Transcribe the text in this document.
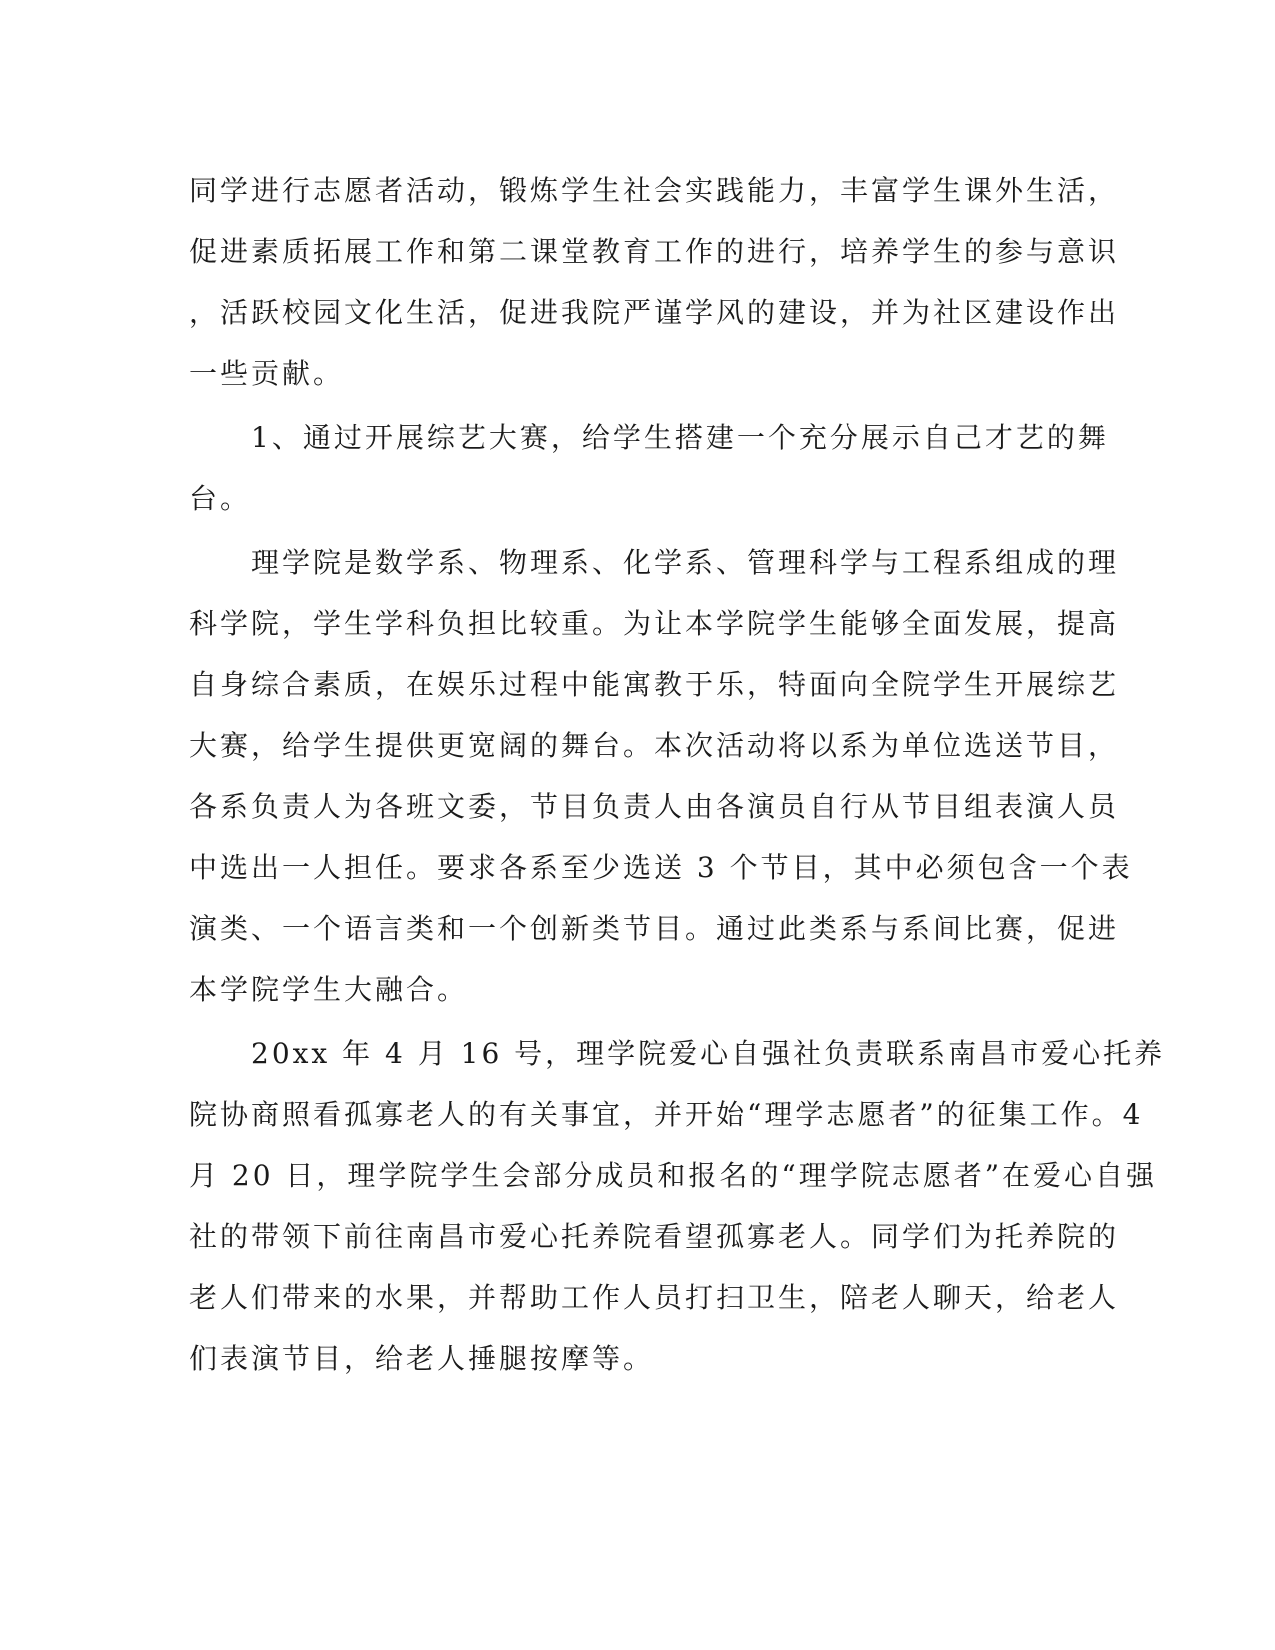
同学进行志愿者活动，锻炼学生社会实践能力，丰富学生课外生活，
促进素质拓展工作和第二课堂教育工作的进行，培养学生的参与意识
，活跃校园文化生活，促进我院严谨学风的建设，并为社区建设作出
一些贡献。
　　1、通过开展综艺大赛，给学生搭建一个充分展示自己才艺的舞
台。
　　理学院是数学系、物理系、化学系、管理科学与工程系组成的理
科学院，学生学科负担比较重。为让本学院学生能够全面发展，提高
自身综合素质，在娱乐过程中能寓教于乐，特面向全院学生开展综艺
大赛，给学生提供更宽阔的舞台。本次活动将以系为单位选送节目，
各系负责人为各班文委，节目负责人由各演员自行从节目组表演人员
中选出一人担任。要求各系至少选送 3 个节目，其中必须包含一个表
演类、一个语言类和一个创新类节目。通过此类系与系间比赛，促进
本学院学生大融合。
　　20xx 年 4 月 16 号，理学院爱心自强社负责联系南昌市爱心托养
院协商照看孤寡老人的有关事宜，并开始“理学志愿者”的征集工作。4
月 20 日，理学院学生会部分成员和报名的“理学院志愿者”在爱心自强
社的带领下前往南昌市爱心托养院看望孤寡老人。同学们为托养院的
老人们带来的水果，并帮助工作人员打扫卫生，陪老人聊天，给老人
们表演节目，给老人捶腿按摩等。
